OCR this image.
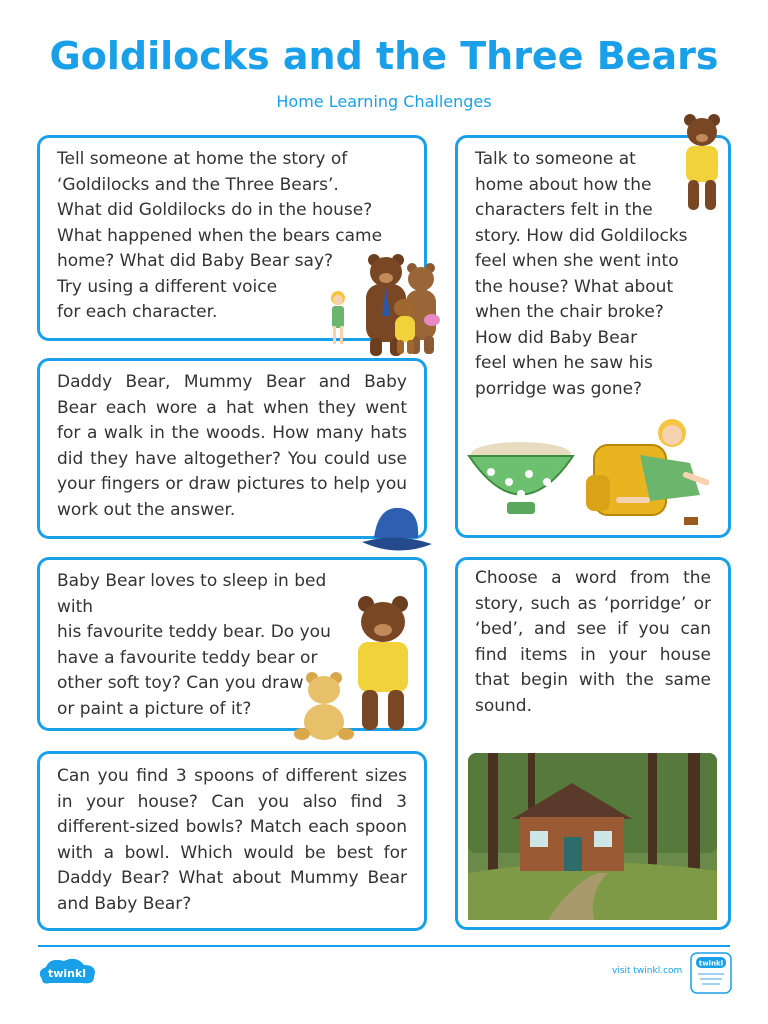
Goldilocks and the Three Bears
Home Learning Challenges

Tell someone at home the story of
‘Goldilocks and the Three Bears’.
What did Goldilocks do in the house?
What happened when the bears came
home? What did Baby Bear say?
Try using a different voice
for each character.

Talk to someone at
home about how the
characters felt in the
story. How did Goldilocks
feel when she went into
the house? What about
when the chair broke?
How did Baby Bear
feel when he saw his
porridge was gone?

Daddy Bear, Mummy Bear and Baby Bear each wore a hat when they went for a walk in the woods. How many hats did they have altogether? You could use your fingers or draw pictures to help you work out the answer.

Baby Bear loves to sleep in bed with
his favourite teddy bear. Do you
have a favourite teddy bear or
other soft toy? Can you draw
or paint a picture of it?

Choose a word from the story, such as ‘porridge’ or ‘bed’, and see if you can find items in your house that begin with the same sound.

Can you find 3 spoons of different sizes in your house? Can you also find 3 different-sized bowls? Match each spoon with a bowl. Which would be best for Daddy Bear? What about Mummy Bear and Baby Bear?

twinkl	visit twinkl.com
twinkl
